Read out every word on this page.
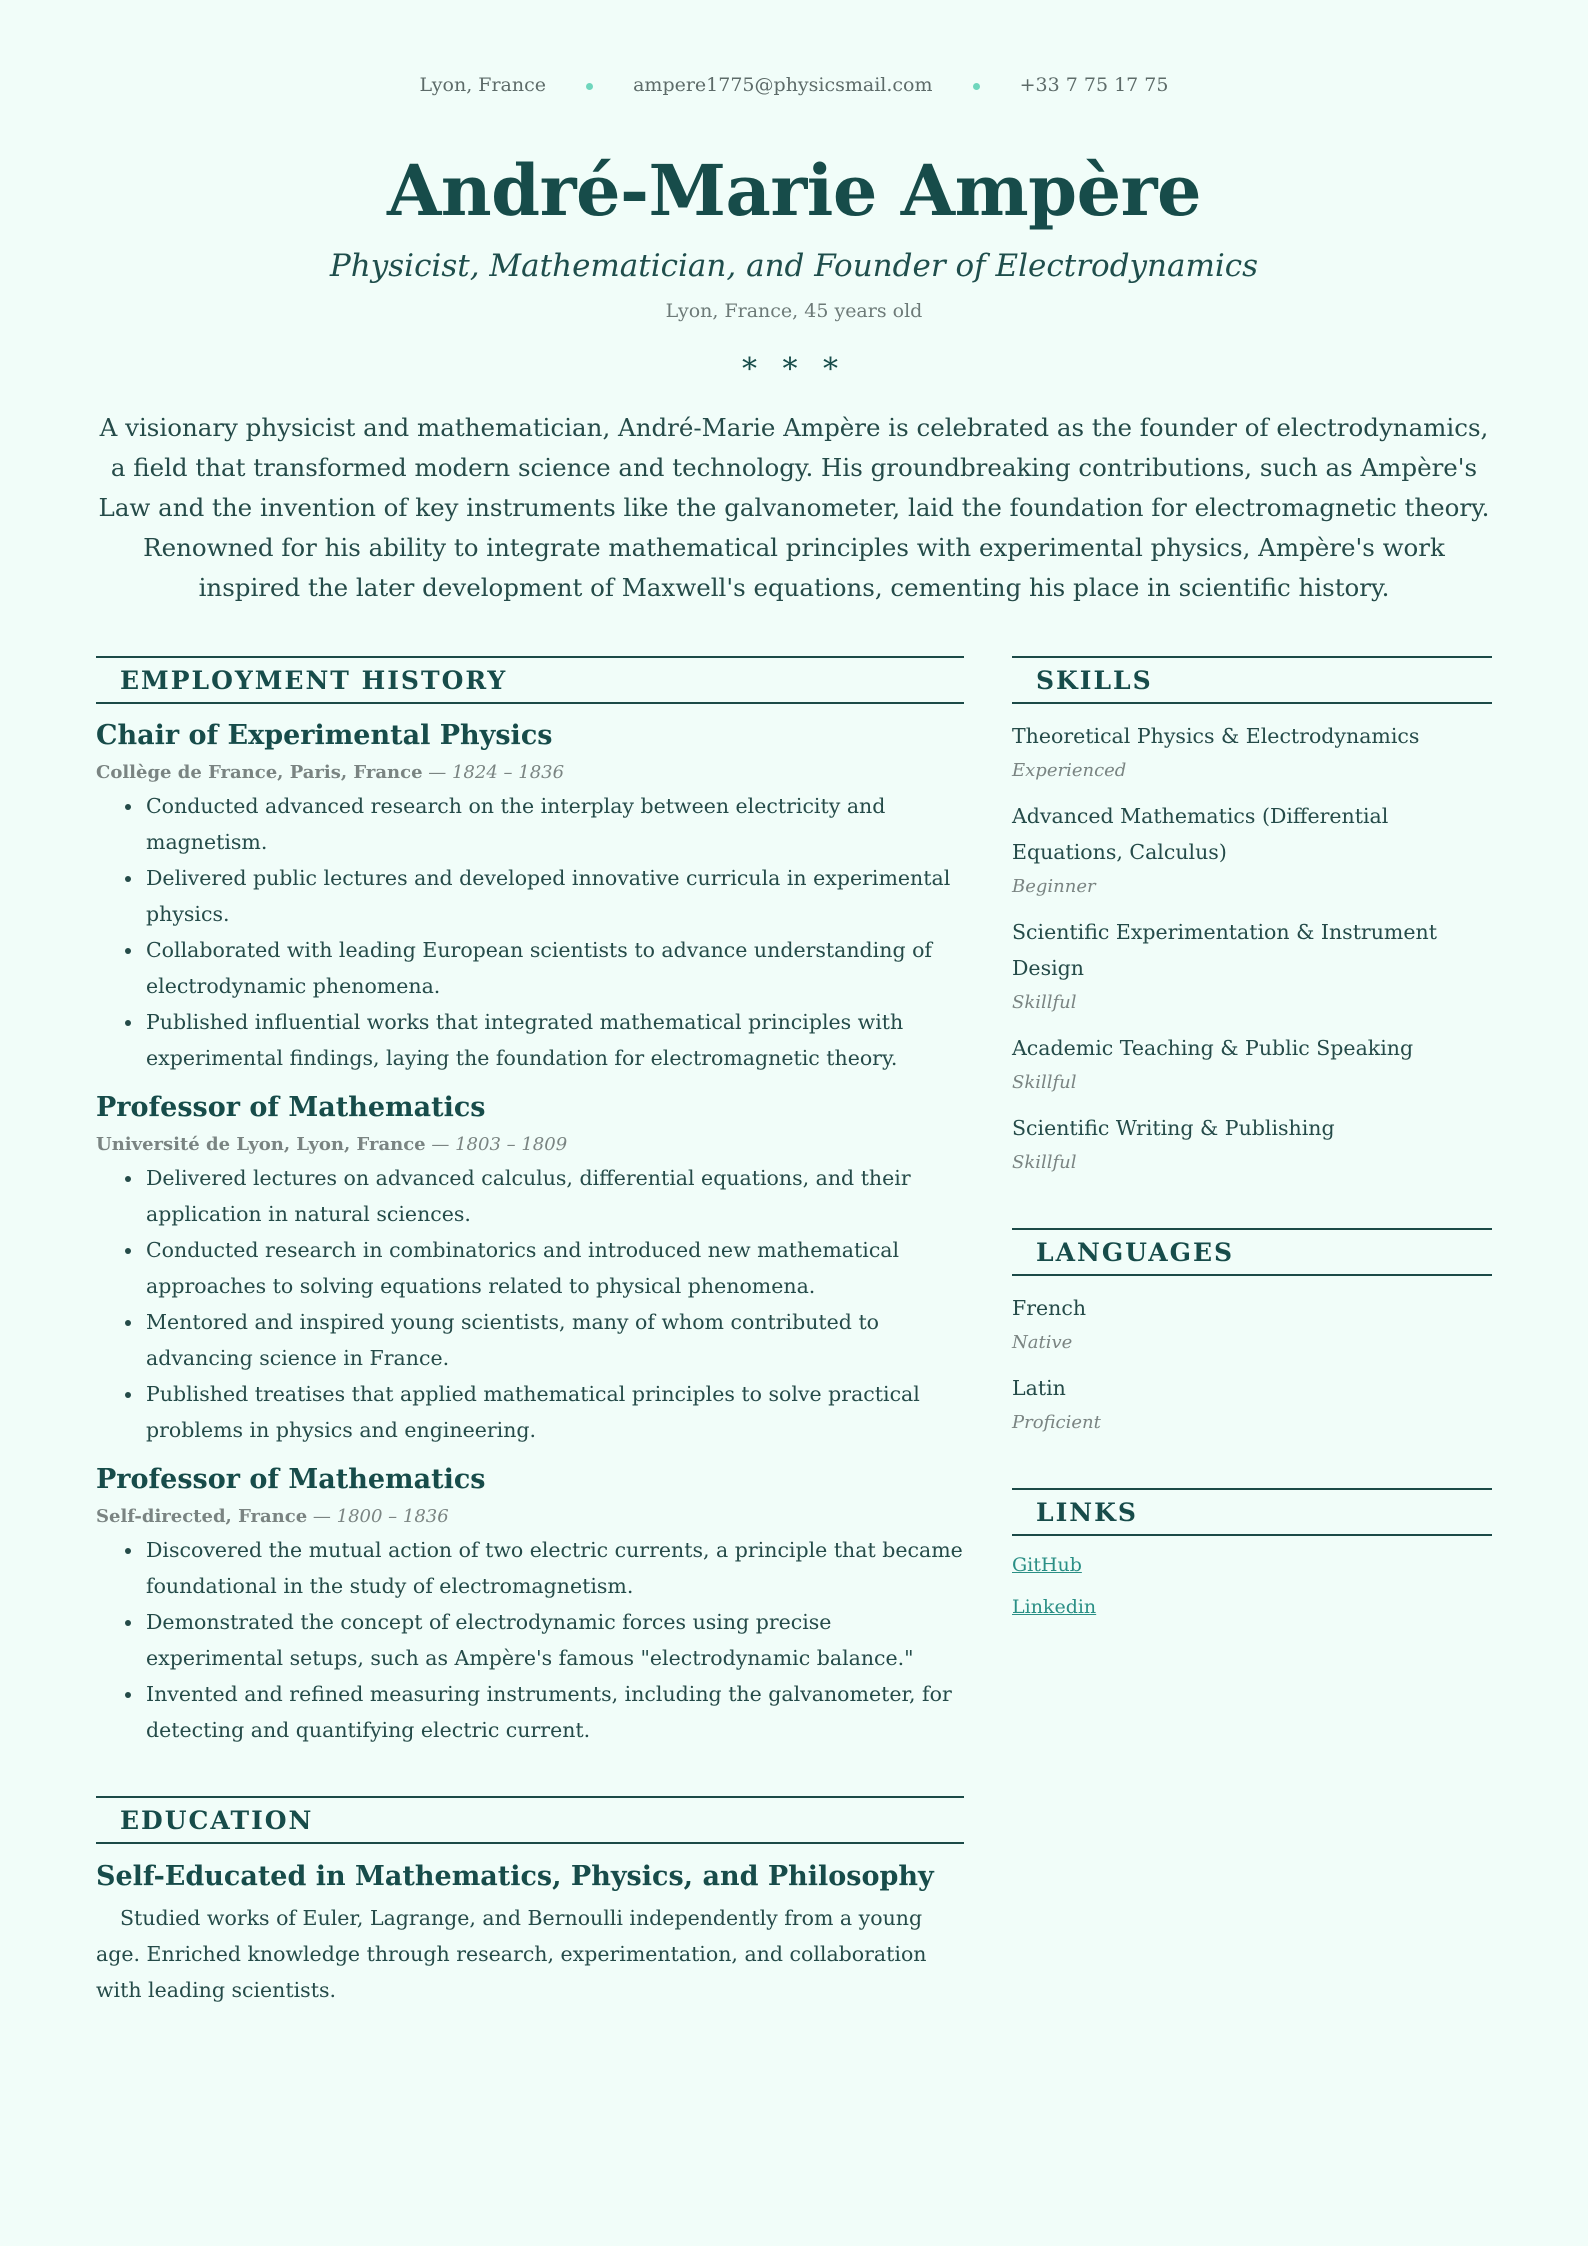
Lyon, France	ampere1775@physicsmail.com	+33 7 75 17 75
André-Marie Ampère
Physicist, Mathematician, and Founder of Electrodynamics
Lyon, France, 45 years old
* * *
A visionary physicist and mathematician, André-Marie Ampère is celebrated as the founder of electrodynamics, a field that transformed modern science and technology. His groundbreaking contributions, such as Ampère's Law and the invention of key instruments like the galvanometer, laid the foundation for electromagnetic theory. Renowned for his ability to integrate mathematical principles with experimental physics, Ampère's work inspired the later development of Maxwell's equations, cementing his place in scientific history.
EMPLOYMENT HISTORY
Chair of Experimental Physics
Collège de France, Paris, France — 1824 – 1836
• Conducted advanced research on the interplay between electricity and magnetism.
• Delivered public lectures and developed innovative curricula in experimental physics.
• Collaborated with leading European scientists to advance understanding of electrodynamic phenomena.
• Published influential works that integrated mathematical principles with experimental findings, laying the foundation for electromagnetic theory.
Professor of Mathematics
Université de Lyon, Lyon, France — 1803 – 1809
• Delivered lectures on advanced calculus, differential equations, and their application in natural sciences.
• Conducted research in combinatorics and introduced new mathematical approaches to solving equations related to physical phenomena.
• Mentored and inspired young scientists, many of whom contributed to advancing science in France.
• Published treatises that applied mathematical principles to solve practical problems in physics and engineering.
Professor of Mathematics
Self-directed, France — 1800 – 1836
• Discovered the mutual action of two electric currents, a principle that became foundational in the study of electromagnetism.
• Demonstrated the concept of electrodynamic forces using precise experimental setups, such as Ampère's famous "electrodynamic balance."
• Invented and refined measuring instruments, including the galvanometer, for detecting and quantifying electric current.
EDUCATION
Self-Educated in Mathematics, Physics, and Philosophy
Studied works of Euler, Lagrange, and Bernoulli independently from a young age. Enriched knowledge through research, experimentation, and collaboration with leading scientists.
SKILLS
Theoretical Physics & Electrodynamics
Experienced
Advanced Mathematics (Differential Equations, Calculus)
Beginner
Scientific Experimentation & Instrument Design
Skillful
Academic Teaching & Public Speaking
Skillful
Scientific Writing & Publishing
Skillful
LANGUAGES
French
Native
Latin
Proficient
LINKS
GitHub
Linkedin
